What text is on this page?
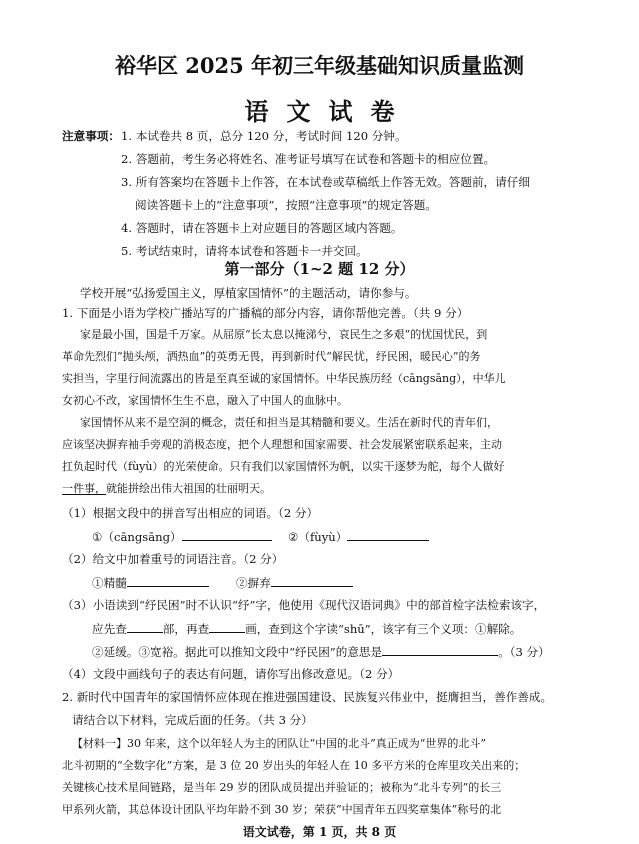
裕华区 2025 年初三年级基础知识质量监测
语文试卷
注意事项： 1. 本试卷共 8 页，总分 120 分，考试时间 120 分钟。
2. 答题前，考生务必将姓名、准考证号填写在试卷和答题卡的相应位置。
3. 所有答案均在答题卡上作答，在本试卷或草稿纸上作答无效。答题前，请仔细
阅读答题卡上的“注意事项”，按照“注意事项”的规定答题。
4. 答题时，请在答题卡上对应题目的答题区域内答题。
5. 考试结束时，请将本试卷和答题卡一并交回。
第一部分（1~2 题 12 分）
学校开展“弘扬爱国主义，厚植家国情怀”的主题活动，请你参与。
1. 下面是小语为学校广播站写的广播稿的部分内容，请你帮他完善。（共 9 分）
家是最小国，国是千万家。从屈原“长太息以掩涕兮，哀民生之多艰”的忧国忧民，到
革命先烈们“抛头颅，洒热血”的英勇无畏，再到新时代“解民忧，纾民困，暖民心”的务
实担当，字里行间流露出的皆是至真至诚的家国情怀。中华民族历经（cāngsāng），中华儿
女初心不改，家国情怀生生不息，融入了中国人的血脉中。
家国情怀从来不是空洞的概念，责任和担当是其精髓和要义。生活在新时代的青年们，
应该坚决摒弃袖手旁观的消极态度，把个人理想和国家需要、社会发展紧密联系起来，主动
扛负起时代（fùyù）的光荣使命。只有我们以家国情怀为帆，以实干逐梦为舵，每个人做好
一件事，就能拼绘出伟大祖国的壮丽明天。
（1）根据文段中的拼音写出相应的词语。（2 分）
①（cāngsāng）	②（fùyù）
（2）给文中加着重号的词语注音。（2 分）
①精髓	②摒弃
（3）小语读到“纾民困”时不认识“纾”字，他使用《现代汉语词典》中的部首检字法检索该字，
应先查	部，再查	画，查到这个字读“shū”，该字有三个义项：①解除。
②延缓。③宽裕。据此可以推知文段中“纾民困”的意思是	。（3 分）
（4）文段中画线句子的表达有问题，请你写出修改意见。（2 分）
2. 新时代中国青年的家国情怀应体现在推进强国建设、民族复兴伟业中，挺膺担当，善作善成。
请结合以下材料，完成后面的任务。（共 3 分）
【材料一】30 年来，这个以年轻人为主的团队让“中国的北斗”真正成为“世界的北斗”
北斗初期的“全数字化”方案，是 3 位 20 岁出头的年轻人在 10 多平方米的仓库里攻关出来的；
关键核心技术星间链路，是当年 29 岁的团队成员提出并验证的；被称为“北斗专列”的长三
语文试卷，第 1 页，共 8 页
甲系列火箭，其总体设计团队平均年龄不到 30 岁；荣获“中国青年五四奖章集体”称号的北
